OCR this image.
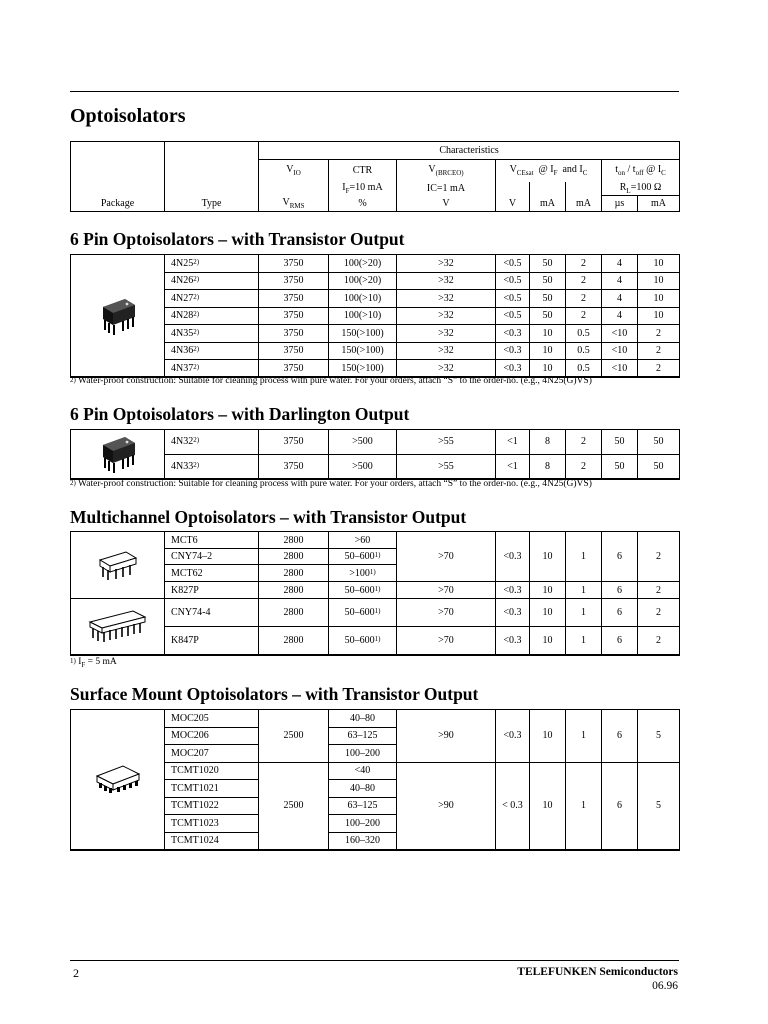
Optoisolators
Package	Type	Characteristics							
		$V_{IO}$	CTR	$V_{(BRCEO)}$	$V_{CEsat}$ @ $I_F$ and $I_C$			$t_{on} / t_{off}$ @ $I_C$
			$I_F=10$ mA	IC=1 mA				$R_L=100$ Ω	
		$V_{RMS}$	%	V	V	mA	mA	µs	mA
6 Pin Optoisolators – with Transistor Output
	4N25$^{2)}$	3750	100(>20)	>32	<0.5	50	2	4	10
	4N26$^{2)}$	3750	100(>20)	>32	<0.5	50	2	4	10
	4N27$^{2)}$	3750	100(>10)	>32	<0.5	50	2	4	10
	4N28$^{2)}$	3750	100(>10)	>32	<0.5	50	2	4	10
	4N35$^{2)}$	3750	150(>100)	>32	<0.3	10	0.5	<10	2
	4N36$^{2)}$	3750	150(>100)	>32	<0.3	10	0.5	<10	2
	4N37$^{2)}$	3750	150(>100)	>32	<0.3	10	0.5	<10	2
$^{2)}$ Water-proof construction: Suitable for cleaning process with pure water. For your orders, attach “S” to the order-no. (e.g., 4N25(G)VS)
6 Pin Optoisolators – with Darlington Output
	4N32$^{2)}$	3750	>500	>55	<1	8	2	50	50
	4N33$^{2)}$	3750	>500	>55	<1	8	2	50	50
$^{2)}$ Water-proof construction: Suitable for cleaning process with pure water. For your orders, attach “S” to the order-no. (e.g., 4N25(G)VS)
Multichannel Optoisolators – with Transistor Output
	MCT6	2800	>60	>70	<0.3	10	1	6	2
	CNY74–2	2800	50–600$^{1)}$
	MCT62	2800	$>100^{1)}$
	K827P	2800	$50-600^{1)}$	>70	<0.3	10	1	6	2

	CNY74-4	2800	$50-600^{1)}$	>70	<0.3	10	1	6	2
	K847P	2800	$50-600^{1)}$	>70	<0.3	10	1	6	2
$^{1)}$ $I_F = 5$ mA
Surface Mount Optoisolators – with Transistor Output
	MOC205	2500	40–80	>90	<0.3	10	1	6	5
	MOC206		63–125						
	MOC207		100–200						
	TCMT1020	2500	<40	>90	< 0.3	10	1	6	5
	TCMT1021		40–80						
	TCMT1022		63–125						
	TCMT1023		100–200						
	TCMT1024		160–320						
2	TELEFUNKEN Semiconductors
06.96
